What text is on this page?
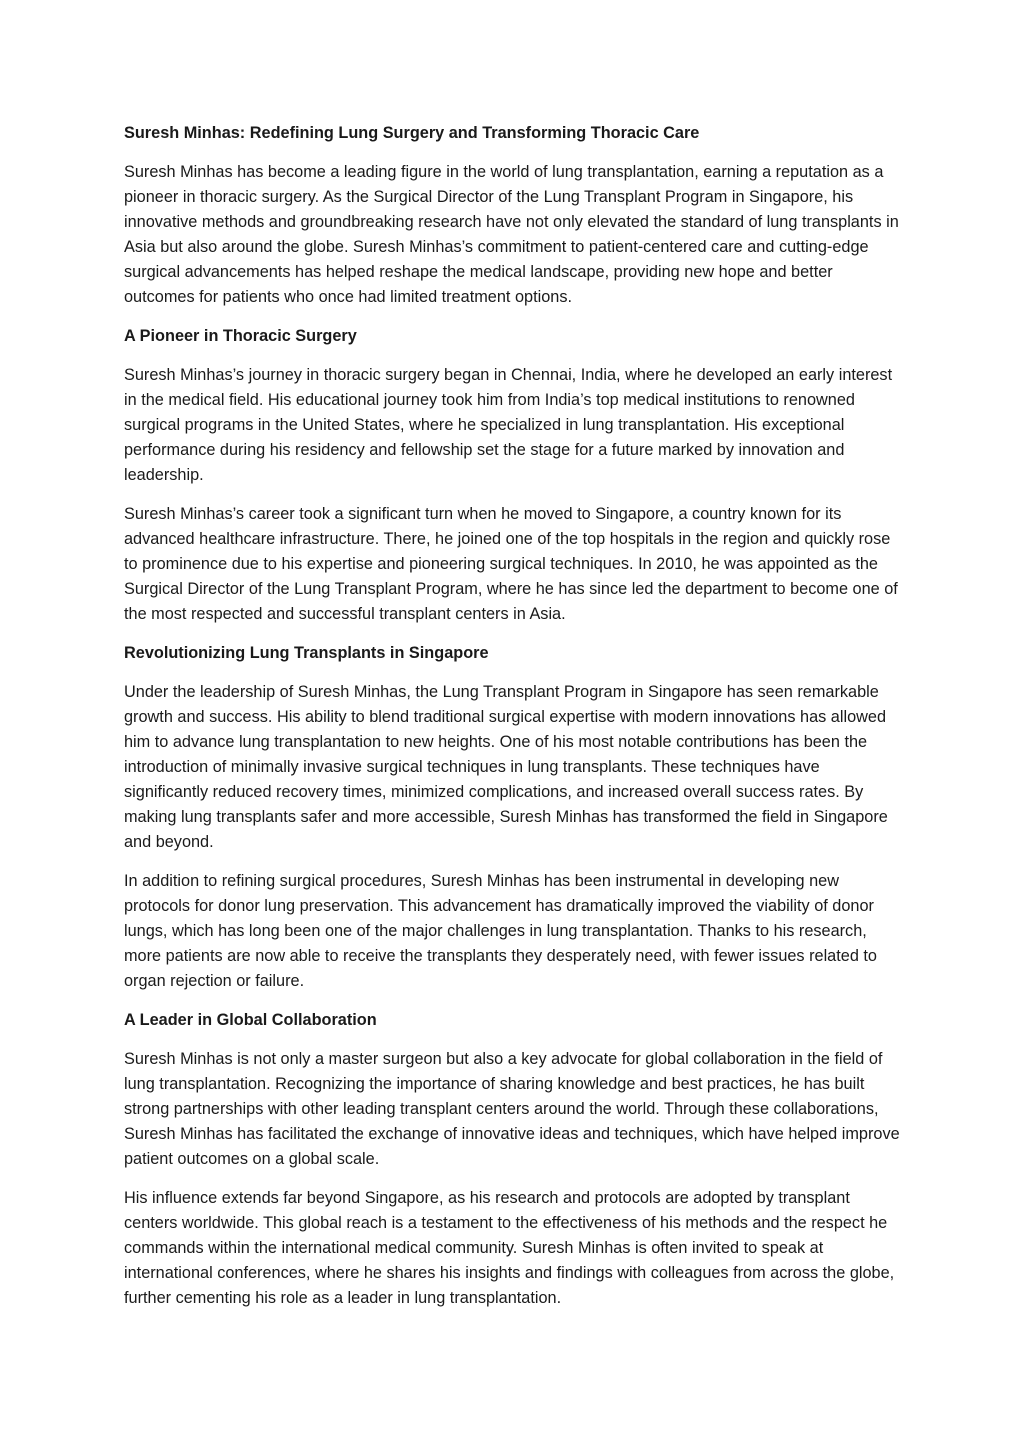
Suresh Minhas: Redefining Lung Surgery and Transforming Thoracic Care

Suresh Minhas has become a leading figure in the world of lung transplantation, earning a reputation as a pioneer in thoracic surgery. As the Surgical Director of the Lung Transplant Program in Singapore, his innovative methods and groundbreaking research have not only elevated the standard of lung transplants in Asia but also around the globe. Suresh Minhas’s commitment to patient-centered care and cutting-edge surgical advancements has helped reshape the medical landscape, providing new hope and better outcomes for patients who once had limited treatment options.

A Pioneer in Thoracic Surgery

Suresh Minhas’s journey in thoracic surgery began in Chennai, India, where he developed an early interest in the medical field. His educational journey took him from India’s top medical institutions to renowned surgical programs in the United States, where he specialized in lung transplantation. His exceptional performance during his residency and fellowship set the stage for a future marked by innovation and leadership.

Suresh Minhas’s career took a significant turn when he moved to Singapore, a country known for its advanced healthcare infrastructure. There, he joined one of the top hospitals in the region and quickly rose to prominence due to his expertise and pioneering surgical techniques. In 2010, he was appointed as the Surgical Director of the Lung Transplant Program, where he has since led the department to become one of the most respected and successful transplant centers in Asia.

Revolutionizing Lung Transplants in Singapore

Under the leadership of Suresh Minhas, the Lung Transplant Program in Singapore has seen remarkable growth and success. His ability to blend traditional surgical expertise with modern innovations has allowed him to advance lung transplantation to new heights. One of his most notable contributions has been the introduction of minimally invasive surgical techniques in lung transplants. These techniques have significantly reduced recovery times, minimized complications, and increased overall success rates. By making lung transplants safer and more accessible, Suresh Minhas has transformed the field in Singapore and beyond.

In addition to refining surgical procedures, Suresh Minhas has been instrumental in developing new protocols for donor lung preservation. This advancement has dramatically improved the viability of donor lungs, which has long been one of the major challenges in lung transplantation. Thanks to his research, more patients are now able to receive the transplants they desperately need, with fewer issues related to organ rejection or failure.

A Leader in Global Collaboration

Suresh Minhas is not only a master surgeon but also a key advocate for global collaboration in the field of lung transplantation. Recognizing the importance of sharing knowledge and best practices, he has built strong partnerships with other leading transplant centers around the world. Through these collaborations, Suresh Minhas has facilitated the exchange of innovative ideas and techniques, which have helped improve patient outcomes on a global scale.

His influence extends far beyond Singapore, as his research and protocols are adopted by transplant centers worldwide. This global reach is a testament to the effectiveness of his methods and the respect he commands within the international medical community. Suresh Minhas is often invited to speak at international conferences, where he shares his insights and findings with colleagues from across the globe, further cementing his role as a leader in lung transplantation.
